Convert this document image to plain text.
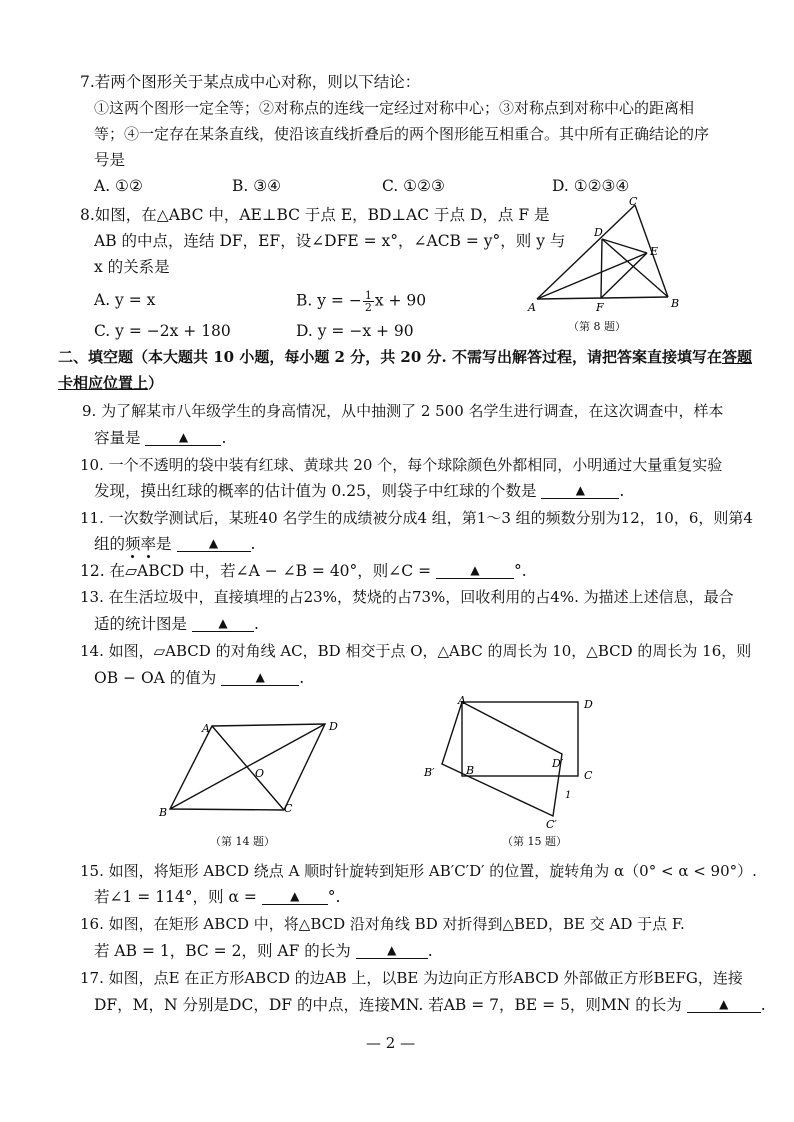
7.若两个图形关于某点成中心对称，则以下结论：
①这两个图形一定全等；②对称点的连线一定经过对称中心；③对称点到对称中心的距离相
等；④一定存在某条直线，使沿该直线折叠后的两个图形能互相重合。其中所有正确结论的序
号是
A. ①②	B. ③④	C. ①②③	D. ①②③④
8.如图，在△ABC 中，AE⊥BC 于点 E，BD⊥AC 于点 D，点 F 是
AB 的中点，连结 DF，EF，设∠DFE = x°，∠ACB = y°，则 y 与
x 的关系是
A. y = x	B. y = − $\frac{1}{2}$ x + 90
C. y = −2x + 180	D. y = −x + 90
A	B
C
D
E
F
（第 8 题）
二、填空题（本大题共 10 小题，每小题 2 分，共 20 分. 不需写出解答过程，请把答案直接填写在答题
卡相应位置上）
9. 为了解某市八年级学生的身高情况，从中抽测了 2 500 名学生进行调查，在这次调查中，样本
容量是	▲ .
10. 一个不透明的袋中装有红球、黄球共 20 个，每个球除颜色外都相同，小明通过大量重复实验
发现，摸出红球的概率的估计值为 0.25，则袋子中红球的个数是	▲ .
11. 一次数学测试后，某班40 名学生的成绩被分成4 组，第1～3 组的频数分别为12，10，6，则第4
组的频率是	▲ .
12. 在▱ABCD 中，若∠A − ∠B = 40°，则∠C =	▲ °.
13. 在生活垃圾中，直接填埋的占23%，焚烧的占73%，回收利用的占4%. 为描述上述信息，最合
适的统计图是	▲ .
14. 如图，▱ABCD 的对角线 AC，BD 相交于点 O，△ABC 的周长为 10，△BCD 的周长为 16，则
OB − OA 的值为	▲ .
A
B	C
D
O
（第 14 题）
A
B	C
D
B′
C′
D′
1
（第 15 题）
15. 如图，将矩形 ABCD 绕点 A 顺时针旋转到矩形 AB′C′D′ 的位置，旋转角为 α（0° < α < 90°）.
若∠1 = 114°，则 α =	▲ °.
16. 如图，在矩形 ABCD 中，将△BCD 沿对角线 BD 对折得到△BED，BE 交 AD 于点 F.
若 AB = 1，BC = 2，则 AF 的长为	▲ .
17. 如图，点E 在正方形ABCD 的边AB 上，以BE 为边向正方形ABCD 外部做正方形BEFG，连接
DF，M，N 分别是DC，DF 的中点，连接MN. 若AB = 7，BE = 5，则MN 的长为	▲ .
— 2 —
